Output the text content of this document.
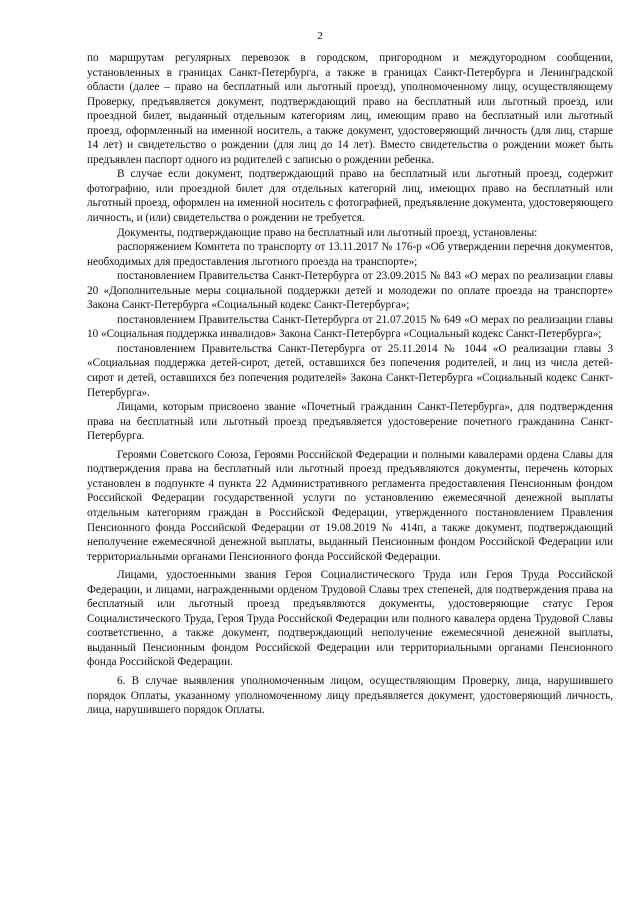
2

по маршрутам регулярных перевозок в городском, пригородном и междугородном сообщении, установленных в границах Санкт-Петербурга, а также в границах Санкт-Петербурга и Ленинградской области (далее – право на бесплатный или льготный проезд), уполномоченному лицу, осуществляющему Проверку, предъявляется документ, подтверждающий право на бесплатный или льготный проезд, или проездной билет, выданный отдельным категориям лиц, имеющим право на бесплатный или льготный проезд, оформленный на именной носитель, а также документ, удостоверяющий личность (для лиц, старше 14 лет) и свидетельство о рождении (для лиц до 14 лет). Вместо свидетельства о рождении может быть предъявлен паспорт одного из родителей с записью о рождении ребенка.

В случае если документ, подтверждающий право на бесплатный или льготный проезд, содержит фотографию, или проездной билет для отдельных категорий лиц, имеющих право на бесплатный или льготный проезд, оформлен на именной носитель с фотографией, предъявление документа, удостоверяющего личность, и (или) свидетельства о рождении не требуется.

Документы, подтверждающие право на бесплатный или льготный проезд, установлены:

распоряжением Комитета по транспорту от 13.11.2017 № 176-р «Об утверждении перечня документов, необходимых для предоставления льготного проезда на транспорте»;

постановлением Правительства Санкт-Петербурга от 23.09.2015 № 843 «О мерах по реализации главы 20 «Дополнительные меры социальной поддержки детей и молодежи по оплате проезда на транспорте» Закона Санкт-Петербурга «Социальный кодекс Санкт-Петербурга»;

постановлением Правительства Санкт-Петербурга от 21.07.2015 № 649 «О мерах по реализации главы 10 «Социальная поддержка инвалидов» Закона Санкт-Петербурга «Социальный кодекс Санкт-Петербурга»;

постановлением Правительства Санкт-Петербурга от 25.11.2014 № 1044 «О реализации главы 3 «Социальная поддержка детей-сирот, детей, оставшихся без попечения родителей, и лиц из числа детей-сирот и детей, оставшихся без попечения родителей» Закона Санкт-Петербурга «Социальный кодекс Санкт-Петербурга».

Лицами, которым присвоено звание «Почетный гражданин Санкт-Петербурга», для подтверждения права на бесплатный или льготный проезд предъявляется удостоверение почетного гражданина Санкт-Петербурга.

Героями Советского Союза, Героями Российской Федерации и полными кавалерами ордена Славы для подтверждения права на бесплатный или льготный проезд предъявляются документы, перечень которых установлен в подпункте 4 пункта 22 Административного регламента предоставления Пенсионным фондом Российской Федерации государственной услуги по установлению ежемесячной денежной выплаты отдельным категориям граждан в Российской Федерации, утвержденного постановлением Правления Пенсионного фонда Российской Федерации от 19.08.2019 № 414п, а также документ, подтверждающий неполучение ежемесячной денежной выплаты, выданный Пенсионным фондом Российской Федерации или территориальными органами Пенсионного фонда Российской Федерации.

Лицами, удостоенными звания Героя Социалистического Труда или Героя Труда Российской Федерации, и лицами, награжденными орденом Трудовой Славы трех степеней, для подтверждения права на бесплатный или льготный проезд предъявляются документы, удостоверяющие статус Героя Социалистического Труда, Героя Труда Российской Федерации или полного кавалера ордена Трудовой Славы соответственно, а также документ, подтверждающий неполучение ежемесячной денежной выплаты, выданный Пенсионным фондом Российской Федерации или территориальными органами Пенсионного фонда Российской Федерации.

6. В случае выявления уполномоченным лицом, осуществляющим Проверку, лица, нарушившего порядок Оплаты, указанному уполномоченному лицу предъявляется документ, удостоверяющий личность, лица, нарушившего порядок Оплаты.
